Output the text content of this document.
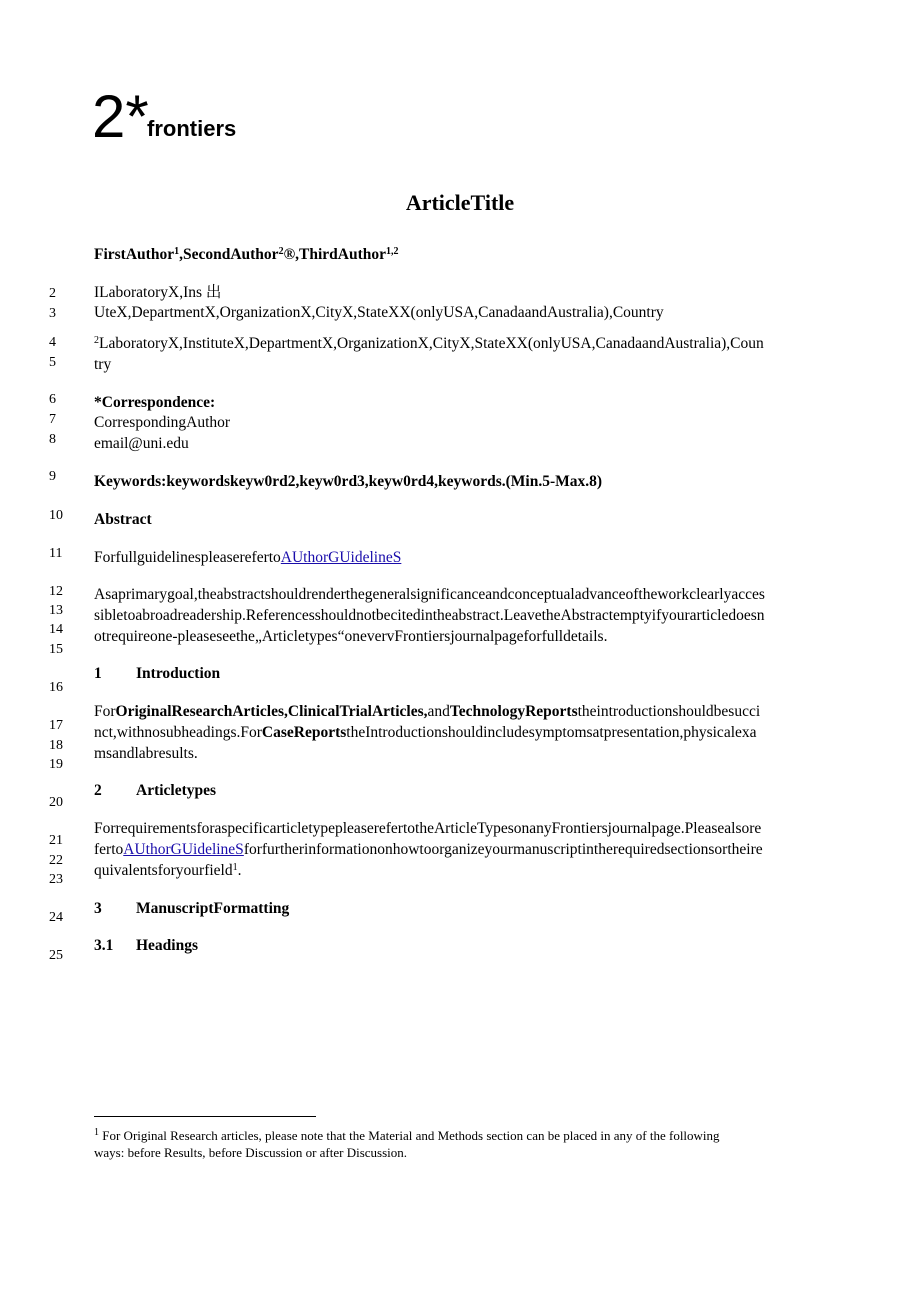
2*
frontiers
ArticleTitle
FirstAuthor$^1$,SecondAuthor$^2$®,ThirdAuthor$^{1,2}$
ILaboratoryX,Ins 出
UteX,DepartmentX,OrganizationX,CityX,StateXX(onlyUSA,CanadaandAustralia),Country
$^2$LaboratoryX,InstituteX,DepartmentX,OrganizationX,CityX,StateXX(onlyUSA,CanadaandAustralia),Coun
try
*Correspondence:
CorrespondingAuthor
email@uni.edu
Keywords:keywordskeyw0rd2,keyw0rd3,keyw0rd4,keywords.(Min.5-Max.8)
Abstract
ForfullguidelinespleaserefertoAUthorGUidelineS
Asaprimarygoal,theabstractshouldrenderthegeneralsignificanceandconceptualadvanceoftheworkclearlyacces
sibletoabroadreadership.Referencesshouldnotbecitedintheabstract.LeavetheAbstractemptyifyourarticledoesn
otrequireone-pleaseseethe„Articletypes“onevervFrontiersjournalpageforfulldetails.
1 Introduction
ForOriginalResearchArticles,ClinicalTrialArticles,andTechnologyReportstheintroductionshouldbesucci
nct,withnosubheadings.ForCaseReportstheIntroductionshouldincludesymptomsatpresentation,physicalexa
msandlabresults.
2 Articletypes
ForrequirementsforaspecificarticletypepleaserefertotheArticleTypesonanyFrontiersjournalpage.Pleasealsore
fertoAUthorGUidelineSforfurtherinformationonhowtoorganizeyourmanuscriptintherequiredsectionsortheire
quivalentsforyourfield$^1$.
3 ManuscriptFormatting
3.1 Headings
2
3
4
5
6
7
8
9
10
11
12
13
14
15
16
17
18
19
20
21
22
23
24
25
$^1$ For Original Research articles, please note that the Material and Methods section can be placed in any of the following
ways: before Results, before Discussion or after Discussion.
